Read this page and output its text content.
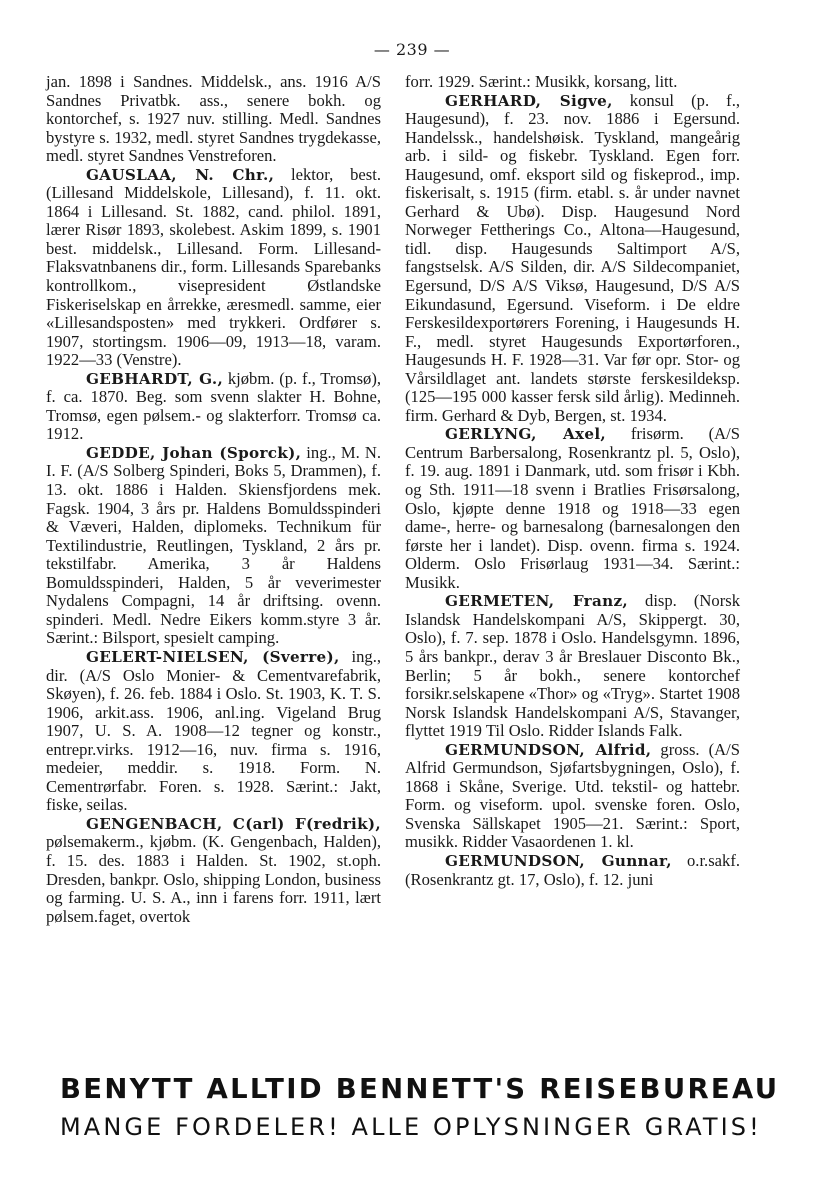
— 239 —

jan. 1898 i Sandnes. Middelsk., ans. 1916 A/S Sandnes Privatbk. ass., senere bokh. og kontorchef, s. 1927 nuv. stilling. Medl. Sandnes bystyre s. 1932, medl. styret Sandnes trygdekasse, medl. styret Sandnes Venstreforen.

GAUSLAA, N. Chr., lektor, best. (Lillesand Middelskole, Lillesand), f. 11. okt. 1864 i Lillesand. St. 1882, cand. philol. 1891, lærer Risør 1893, skolebest. Askim 1899, s. 1901 best. middelsk., Lillesand. Form. Lillesand-Flaksvatnbanens dir., form. Lillesands Sparebanks kontrollkom., visepresident Østlandske Fiskeriselskap en årrekke, æresmedl. samme, eier «Lillesandsposten» med trykkeri. Ordfører s. 1907, stortingsm. 1906—09, 1913—18, varam. 1922—33 (Venstre).

GEBHARDT, G., kjøbm. (p. f., Tromsø), f. ca. 1870. Beg. som svenn slakter H. Bohne, Tromsø, egen pølsem.- og slakterforr. Tromsø ca. 1912.

GEDDE, Johan (Sporck), ing., M. N. I. F. (A/S Solberg Spinderi, Boks 5, Drammen), f. 13. okt. 1886 i Halden. Skiensfjordens mek. Fagsk. 1904, 3 års pr. Haldens Bomuldsspinderi & Væveri, Halden, diplomeks. Technikum für Textilindustrie, Reutlingen, Tyskland, 2 års pr. tekstilfabr. Amerika, 3 år Haldens Bomuldsspinderi, Halden, 5 år veverimester Nydalens Compagni, 14 år driftsing. ovenn. spinderi. Medl. Nedre Eikers komm.styre 3 år. Særint.: Bilsport, spesielt camping.

GELERT-NIELSEN, (Sverre), ing., dir. (A/S Oslo Monier- & Cementvarefabrik, Skøyen), f. 26. feb. 1884 i Oslo. St. 1903, K. T. S. 1906, arkit.ass. 1906, anl.ing. Vigeland Brug 1907, U. S. A. 1908—12 tegner og konstr., entrepr.virks. 1912—16, nuv. firma s. 1916, medeier, meddir. s. 1918. Form. N. Cementrørfabr. Foren. s. 1928. Særint.: Jakt, fiske, seilas.

GENGENBACH, C(arl) F(redrik), pølsemakerm., kjøbm. (K. Gengenbach, Halden), f. 15. des. 1883 i Halden. St. 1902, st.oph. Dresden, bankpr. Oslo, shipping London, business og farming. U. S. A., inn i farens forr. 1911, lært pølsem.faget, overtok

forr. 1929. Særint.: Musikk, korsang, litt.

GERHARD, Sigve, konsul (p. f., Haugesund), f. 23. nov. 1886 i Egersund. Handelssk., handelshøisk. Tyskland, mangeårig arb. i sild- og fiskebr. Tyskland. Egen forr. Haugesund, omf. eksport sild og fiskeprod., imp. fiskerisalt, s. 1915 (firm. etabl. s. år under navnet Gerhard & Ubø). Disp. Haugesund Nord Norweger Fettherings Co., Altona—Haugesund, tidl. disp. Haugesunds Saltimport A/S, fangstselsk. A/S Silden, dir. A/S Sildecompaniet, Egersund, D/S A/S Viksø, Haugesund, D/S A/S Eikundasund, Egersund. Viseform. i De eldre Ferskesildexportørers Forening, i Haugesunds H. F., medl. styret Haugesunds Exportørforen., Haugesunds H. F. 1928—31. Var før opr. Stor- og Vårsildlaget ant. landets største ferskesildeksp. (125—195 000 kasser fersk sild årlig). Medinneh. firm. Gerhard & Dyb, Bergen, st. 1934.

GERLYNG, Axel, frisørm. (A/S Centrum Barbersalong, Rosenkrantz pl. 5, Oslo), f. 19. aug. 1891 i Danmark, utd. som frisør i Kbh. og Sth. 1911—18 svenn i Bratlies Frisørsalong, Oslo, kjøpte denne 1918 og 1918—33 egen dame-, herre- og barnesalong (barnesalongen den første her i landet). Disp. ovenn. firma s. 1924. Olderm. Oslo Frisørlaug 1931—34. Særint.: Musikk.

GERMETEN, Franz, disp. (Norsk Islandsk Handelskompani A/S, Skippergt. 30, Oslo), f. 7. sep. 1878 i Oslo. Handelsgymn. 1896, 5 års bankpr., derav 3 år Breslauer Disconto Bk., Berlin; 5 år bokh., senere kontorchef forsikr.selskapene «Thor» og «Tryg». Startet 1908 Norsk Islandsk Handelskompani A/S, Stavanger, flyttet 1919 Til Oslo. Ridder Islands Falk.

GERMUNDSON, Alfrid, gross. (A/S Alfrid Germundson, Sjøfartsbygningen, Oslo), f. 1868 i Skåne, Sverige. Utd. tekstil- og hattebr. Form. og viseform. upol. svenske foren. Oslo, Svenska Sällskapet 1905—21. Særint.: Sport, musikk. Ridder Vasaordenen 1. kl.

GERMUNDSON, Gunnar, o.r.sakf. (Rosenkrantz gt. 17, Oslo), f. 12. juni

BENYTT ALLTID BENNETT'S REISEBUREAU
MANGE FORDELER! ALLE OPLYSNINGER GRATIS!
